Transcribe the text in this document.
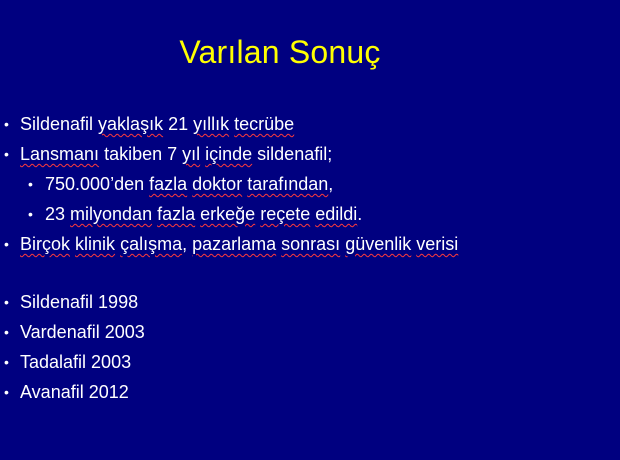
Varılan Sonuç
• Sildenafil yaklaşık 21 yıllık tecrübe
• Lansmanı takiben 7 yıl içinde sildenafil;
• 750.000’den fazla doktor tarafından,
• 23 milyondan fazla erkeğe reçete edildi.
• Birçok klinik çalışma, pazarlama sonrası güvenlik verisi
• Sildenafil 1998
• Vardenafil 2003
• Tadalafil 2003
• Avanafil 2012
